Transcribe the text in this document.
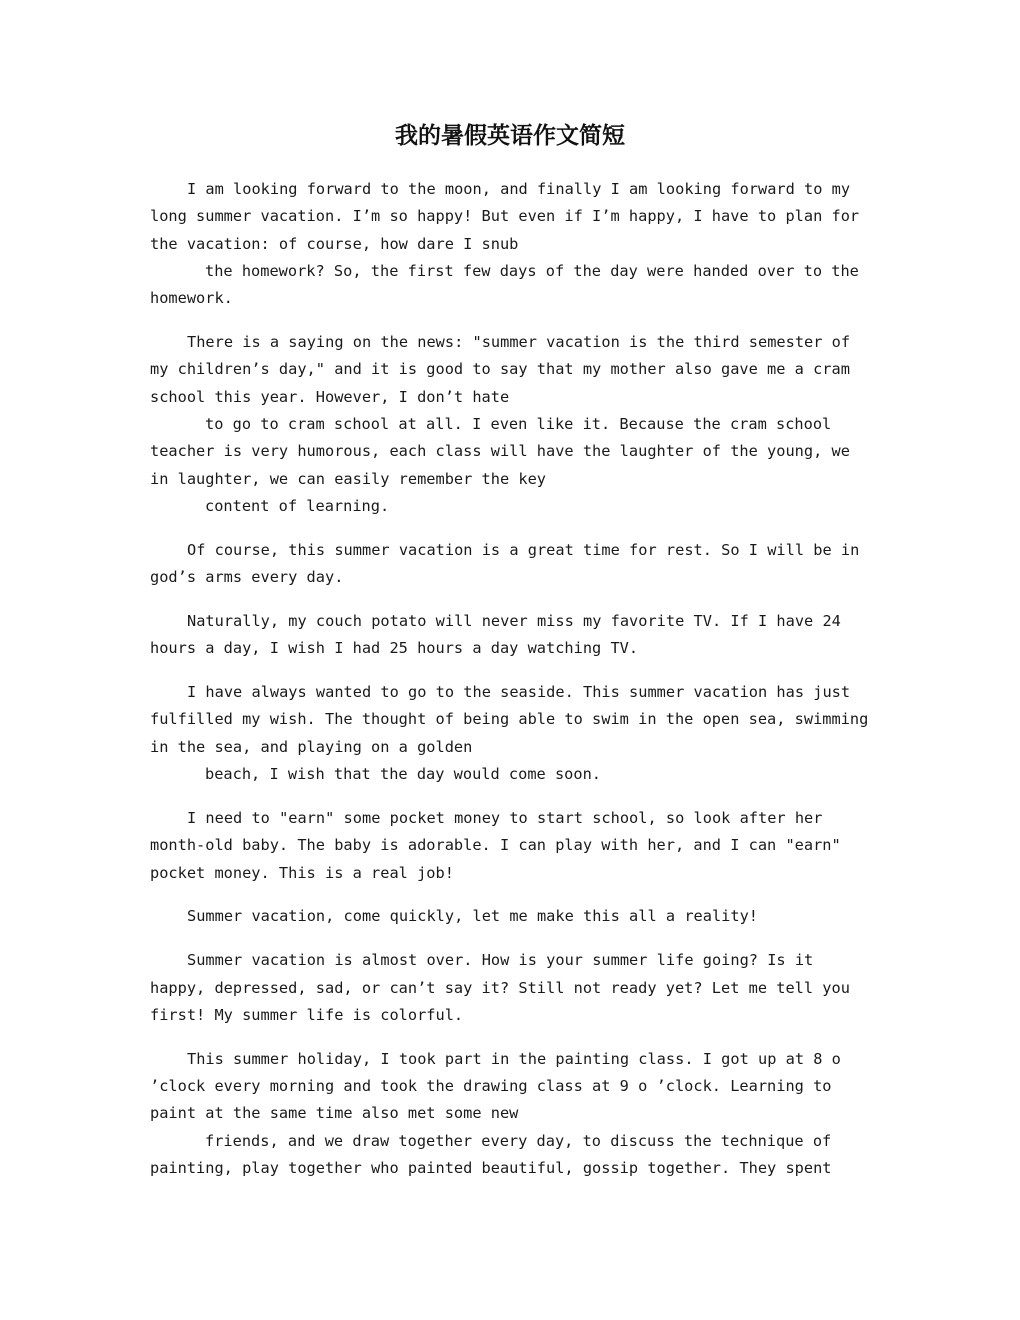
我的暑假英语作文简短
I am looking forward to the moon, and finally I am looking forward to my
long summer vacation. I’m so happy! But even if I’m happy, I have to plan for
the vacation: of course, how dare I snub
the homework? So, the first few days of the day were handed over to the
homework.
There is a saying on the news: "summer vacation is the third semester of
my children’s day," and it is good to say that my mother also gave me a cram
school this year. However, I don’t hate
to go to cram school at all. I even like it. Because the cram school
teacher is very humorous, each class will have the laughter of the young, we
in laughter, we can easily remember the key
content of learning.
Of course, this summer vacation is a great time for rest. So I will be in
god’s arms every day.
Naturally, my couch potato will never miss my favorite TV. If I have 24
hours a day, I wish I had 25 hours a day watching TV.
I have always wanted to go to the seaside. This summer vacation has just
fulfilled my wish. The thought of being able to swim in the open sea, swimming
in the sea, and playing on a golden
beach, I wish that the day would come soon.
I need to "earn" some pocket money to start school, so look after her
month-old baby. The baby is adorable. I can play with her, and I can "earn"
pocket money. This is a real job!
Summer vacation, come quickly, let me make this all a reality!
Summer vacation is almost over. How is your summer life going? Is it
happy, depressed, sad, or can’t say it? Still not ready yet? Let me tell you
first! My summer life is colorful.
This summer holiday, I took part in the painting class. I got up at 8 o
’clock every morning and took the drawing class at 9 o ’clock. Learning to
paint at the same time also met some new
friends, and we draw together every day, to discuss the technique of
painting, play together who painted beautiful, gossip together. They spent
